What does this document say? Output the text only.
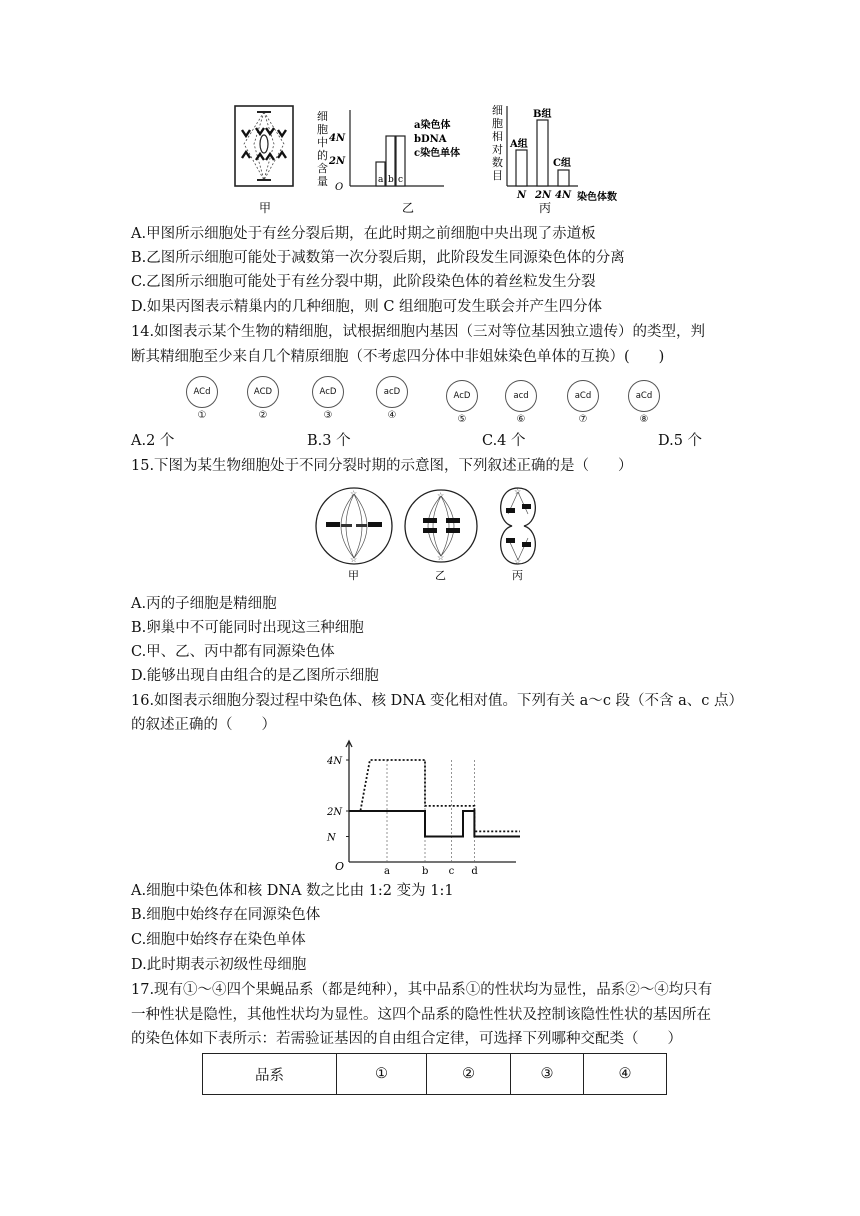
甲
细
胞
中
的
含
量
4N
2N
O
a b c
a染色体
bDNA
c染色单体
乙
细
胞
相
对
数
目
A组
B组
C组
N 2N 4N 染色体数
丙
A.甲图所示细胞处于有丝分裂后期，在此时期之前细胞中央出现了赤道板
B.乙图所示细胞可能处于减数第一次分裂后期，此阶段发生同源染色体的分离
C.乙图所示细胞可能处于有丝分裂中期，此阶段染色体的着丝粒发生分裂
D.如果丙图表示精巢内的几种细胞，则 C 组细胞可发生联会并产生四分体
14.如图表示某个生物的精细胞，试根据细胞内基因（三对等位基因独立遗传）的类型，判
断其精细胞至少来自几个精原细胞（不考虑四分体中非姐妹染色单体的互换）(　　)
ACd
①
ACD
②
AcD
③
acD
④
AcD
⑤
acd
⑥
aCd
⑦
aCd
⑧
A.2 个	B.3 个	C.4 个	D.5 个
15.下图为某生物细胞处于不同分裂时期的示意图，下列叙述正确的是（　　）
☆
☆
甲
☆
☆
乙
☆
☆
丙
A.丙的子细胞是精细胞
B.卵巢中不可能同时出现这三种细胞
C.甲、乙、丙中都有同源染色体
D.能够出现自由组合的是乙图所示细胞
16.如图表示细胞分裂过程中染色体、核 DNA 变化相对值。下列有关 a～c 段（不含 a、c 点）
的叙述正确的（　　）
O
N
2N
4N
a	b c d
A.细胞中染色体和核 DNA 数之比由 1:2 变为 1:1
B.细胞中始终存在同源染色体
C.细胞中始终存在染色单体
D.此时期表示初级性母细胞
17.现有①～④四个果蝇品系（都是纯种），其中品系①的性状均为显性，品系②～④均只有
一种性状是隐性，其他性状均为显性。这四个品系的隐性性状及控制该隐性性状的基因所在
的染色体如下表所示：若需验证基因的自由组合定律，可选择下列哪种交配类（　　）
品系	①	②	③	④
